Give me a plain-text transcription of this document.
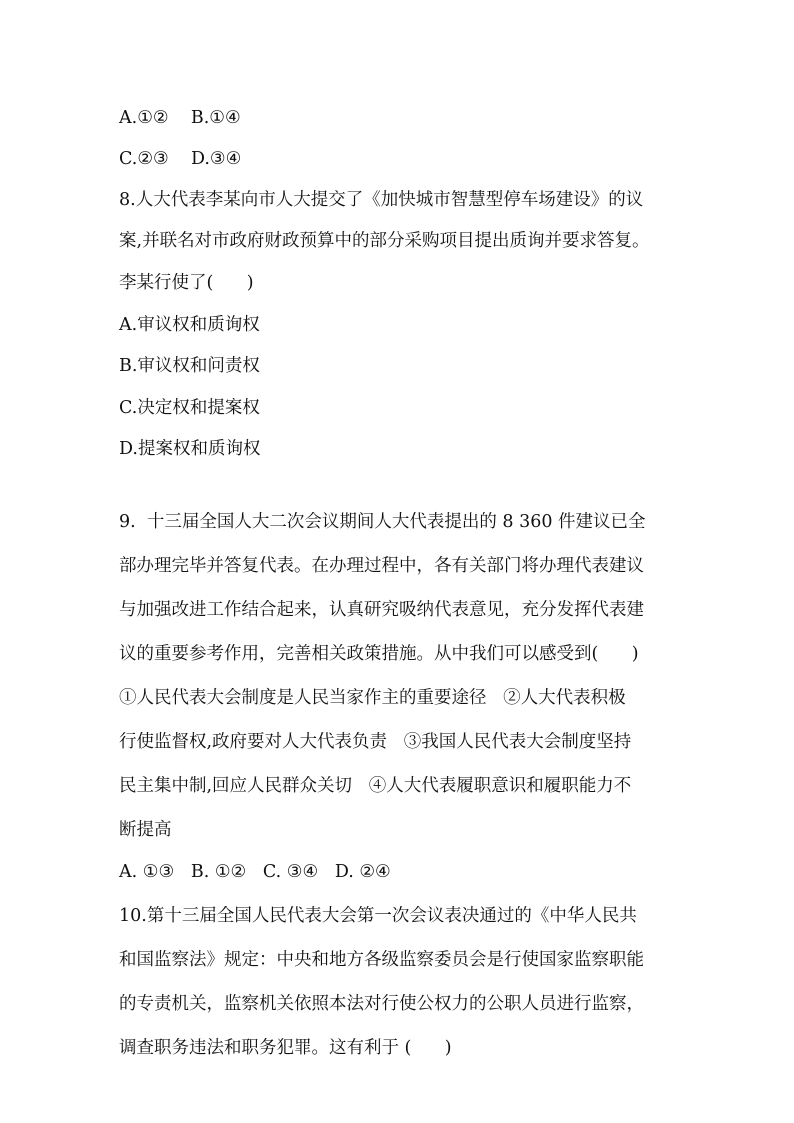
A.①②    B.①④
C.②③    D.③④
8.人大代表李某向市人大提交了《加快城市智慧型停车场建设》的议
案,并联名对市政府财政预算中的部分采购项目提出质询并要求答复。
李某行使了(      )
A.审议权和质询权
B.审议权和问责权
C.决定权和提案权
D.提案权和质询权
9.  十三届全国人大二次会议期间人大代表提出的 8 360 件建议已全
部办理完毕并答复代表。在办理过程中，各有关部门将办理代表建议
与加强改进工作结合起来，认真研究吸纳代表意见，充分发挥代表建
议的重要参考作用，完善相关政策措施。从中我们可以感受到(      )
①人民代表大会制度是人民当家作主的重要途径   ②人大代表积极
行使监督权,政府要对人大代表负责   ③我国人民代表大会制度坚持
民主集中制,回应人民群众关切   ④人大代表履职意识和履职能力不
断提高
A. ①③   B. ①②   C. ③④   D. ②④
10.第十三届全国人民代表大会第一次会议表决通过的《中华人民共
和国监察法》规定：中央和地方各级监察委员会是行使国家监察职能
的专责机关，监察机关依照本法对行使公权力的公职人员进行监察，
调查职务违法和职务犯罪。这有利于 (      )
